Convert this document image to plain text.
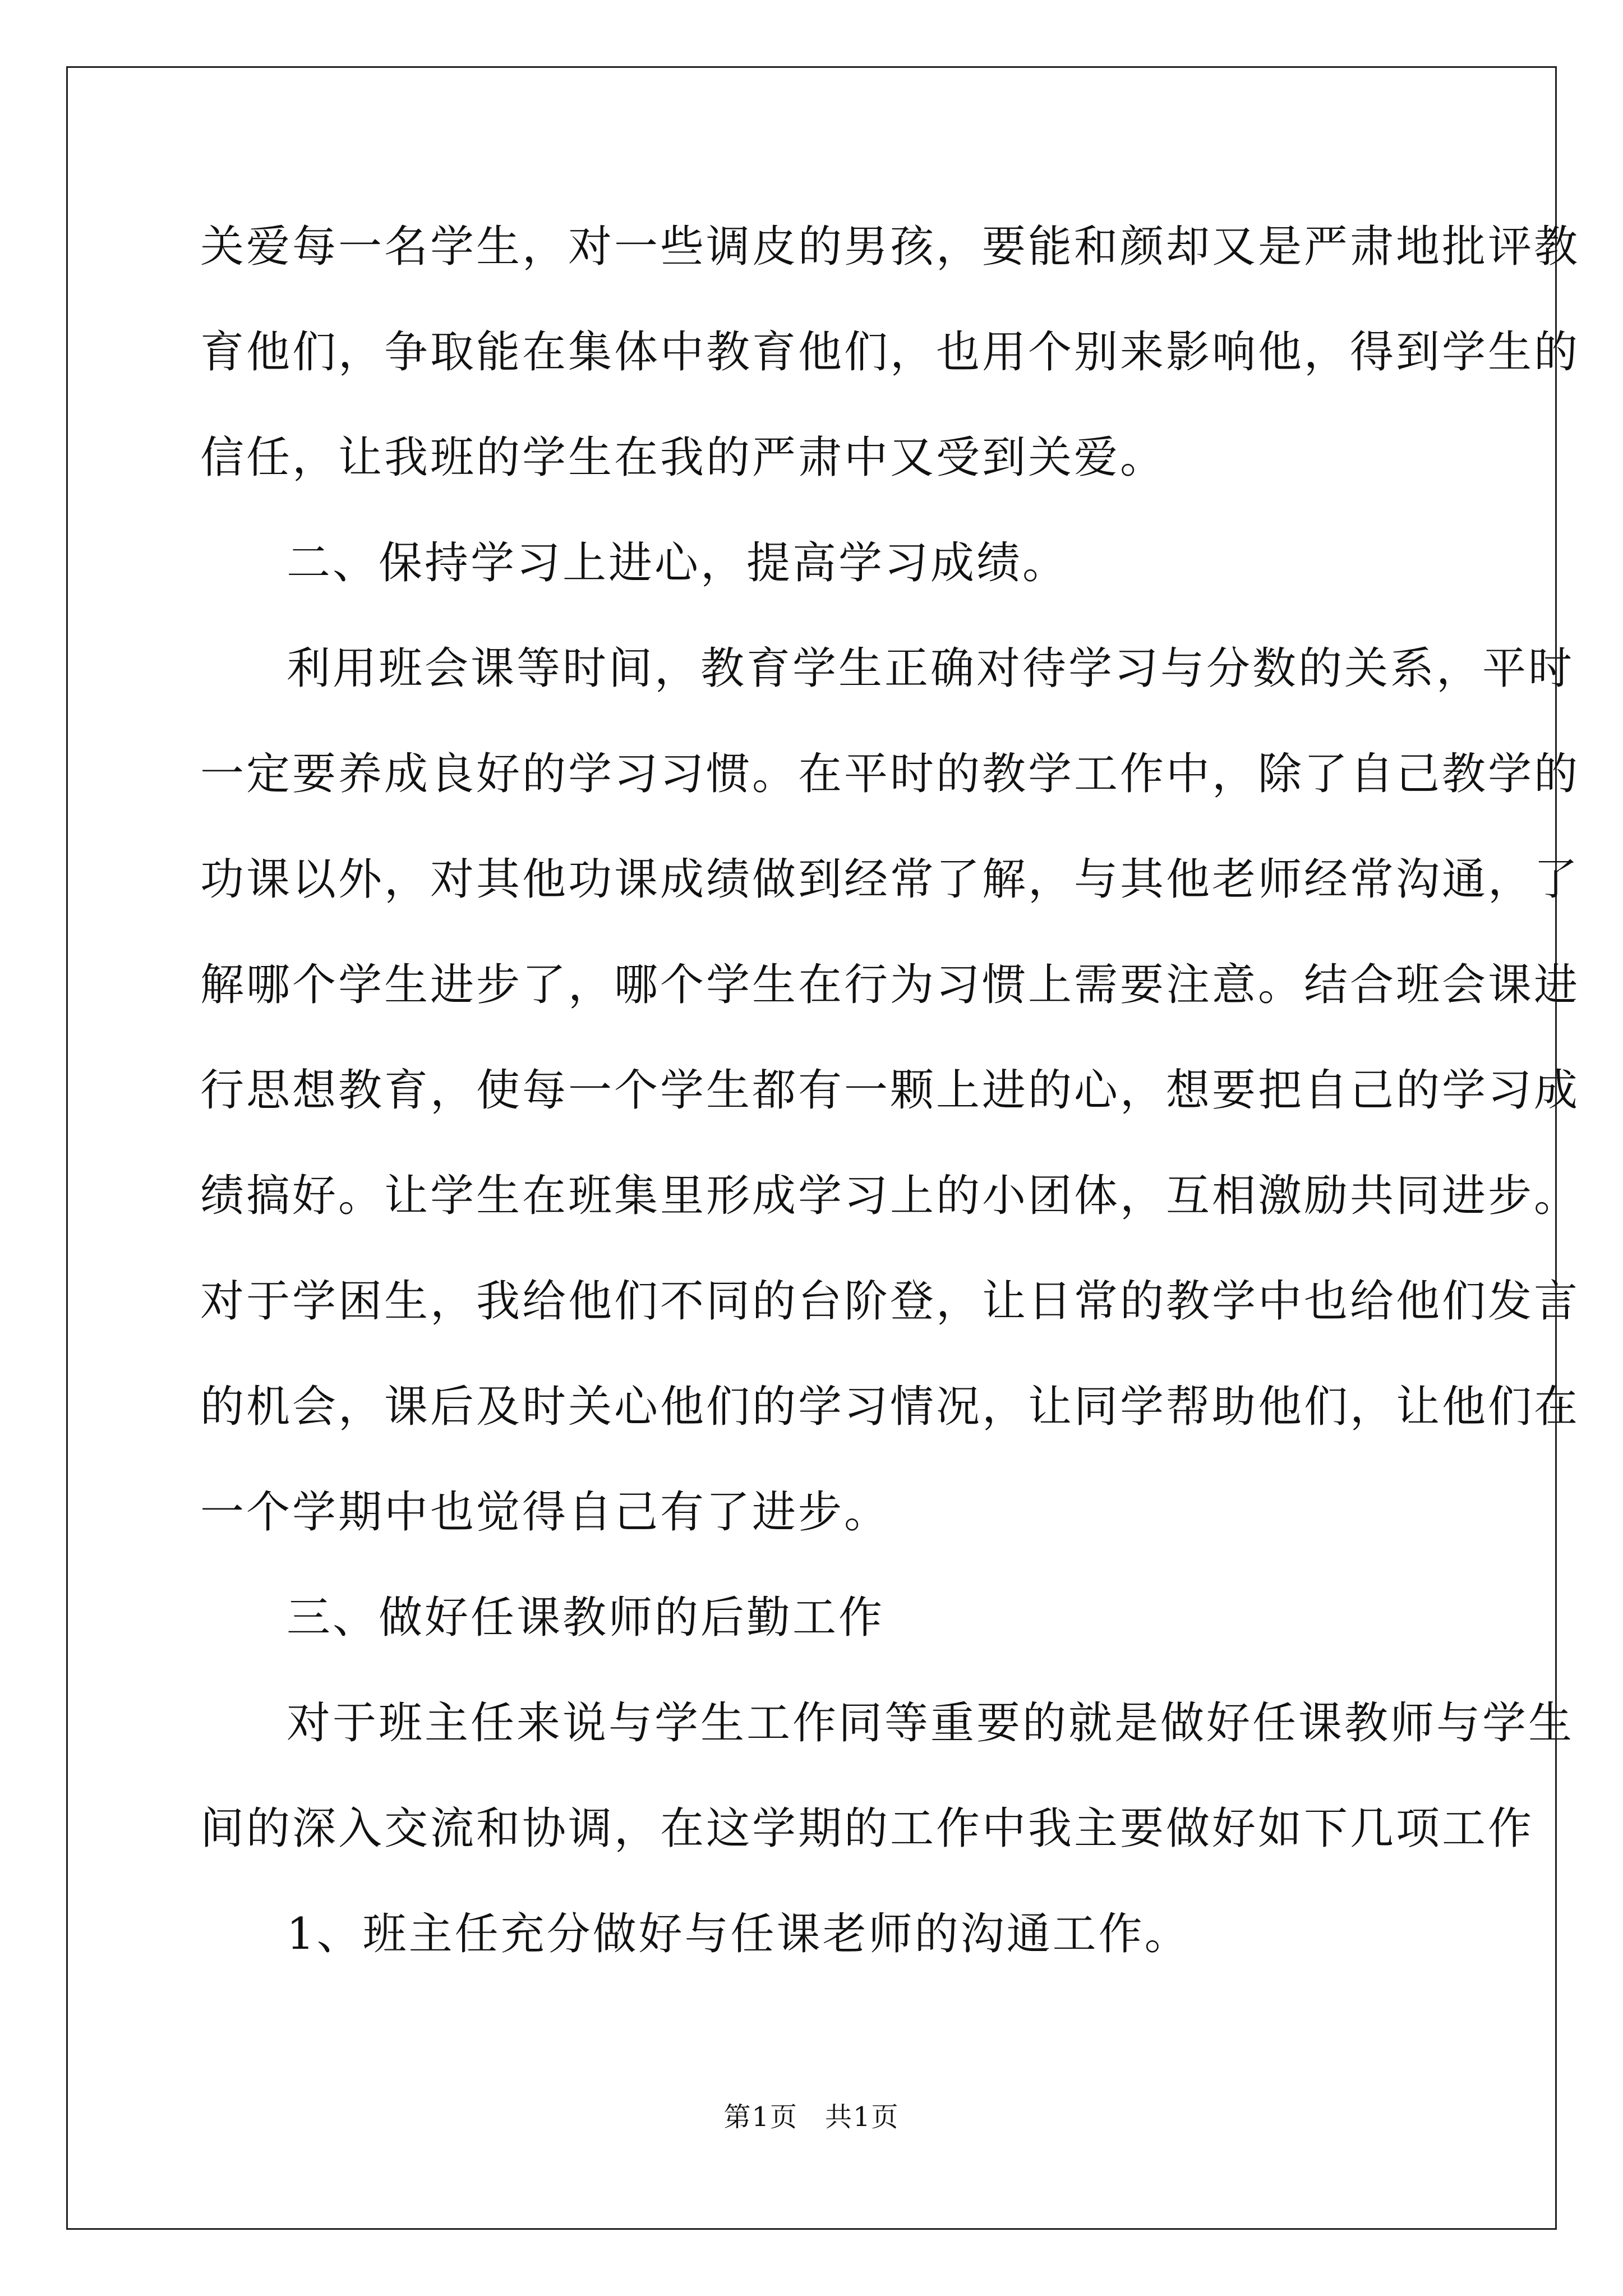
关爱每一名学生，对一些调皮的男孩，要能和颜却又是严肃地批评教
育他们，争取能在集体中教育他们，也用个别来影响他，得到学生的
信任，让我班的学生在我的严肃中又受到关爱。
二、保持学习上进心，提高学习成绩。
利用班会课等时间，教育学生正确对待学习与分数的关系，平时
一定要养成良好的学习习惯。在平时的教学工作中，除了自己教学的
功课以外，对其他功课成绩做到经常了解，与其他老师经常沟通，了
解哪个学生进步了，哪个学生在行为习惯上需要注意。结合班会课进
行思想教育，使每一个学生都有一颗上进的心，想要把自己的学习成
绩搞好。让学生在班集里形成学习上的小团体，互相激励共同进步。
对于学困生，我给他们不同的台阶登，让日常的教学中也给他们发言
的机会，课后及时关心他们的学习情况，让同学帮助他们，让他们在
一个学期中也觉得自己有了进步。
三、做好任课教师的后勤工作
对于班主任来说与学生工作同等重要的就是做好任课教师与学生
间的深入交流和协调，在这学期的工作中我主要做好如下几项工作
1、班主任充分做好与任课老师的沟通工作。
第1页 共1页
